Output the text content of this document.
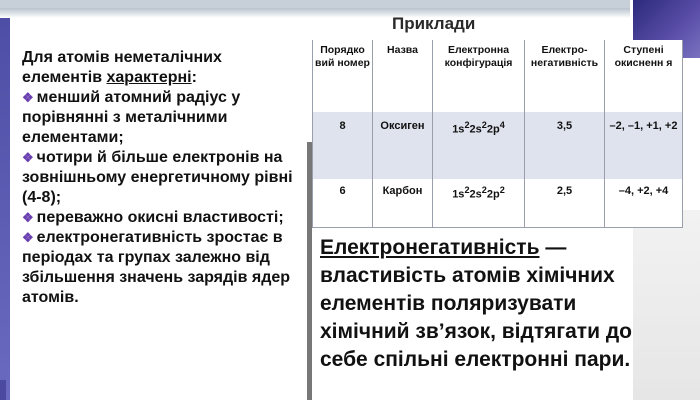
Приклади
Для атомів неметалічних елементів характерні:
❖ менший атомний радіус у порівнянні з металічними елементами;
❖ чотири й більше електронів на зовнішньому енергетичному рівні (4-8);
❖ переважно окисні властивості;
❖ електронегативність зростає в періодах та групах залежно від збільшення значень зарядів ядер атомів.
Порядко вий номер	Назва	Електронна конфігурація	Електро- негативність	Ступені окисненн я
8	Оксиген	$1s^22s^22p^4$	3,5	–2, –1, +1, +2
6	Карбон	$1s^22s^22p^2$	2,5	–4, +2, +4
Електронегативність — властивість атомів хімічних елементів поляризувати хімічний зв’язок, відтягати до себе спільні електронні пари.
